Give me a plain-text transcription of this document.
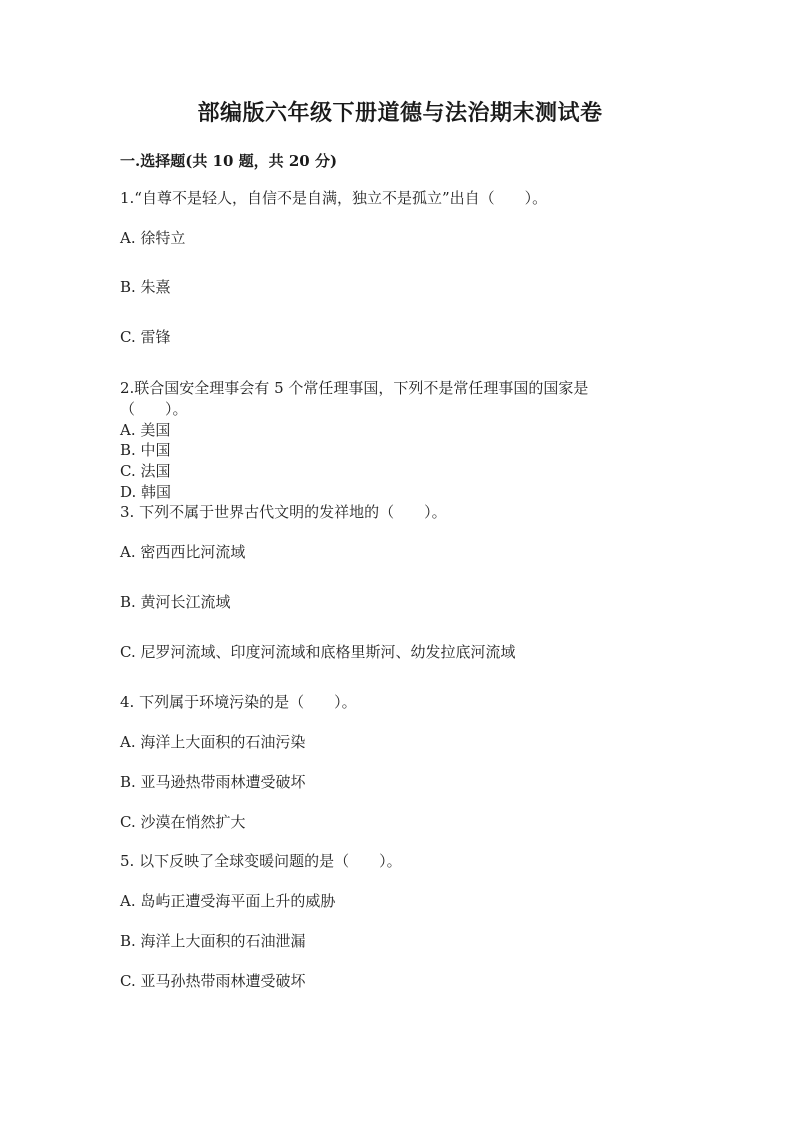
部编版六年级下册道德与法治期末测试卷
一.选择题(共 10 题，共 20 分)
1.“自尊不是轻人，自信不是自满，独立不是孤立”出自（　　）。
A. 徐特立
B. 朱熹
C. 雷锋
2.联合国安全理事会有 5 个常任理事国，下列不是常任理事国的国家是
（　　）。
A. 美国
B. 中国
C. 法国
D. 韩国
3. 下列不属于世界古代文明的发祥地的（　　）。
A. 密西西比河流域
B. 黄河长江流域
C. 尼罗河流域、印度河流域和底格里斯河、幼发拉底河流域
4. 下列属于环境污染的是（　　）。
A. 海洋上大面积的石油污染
B. 亚马逊热带雨林遭受破坏
C. 沙漠在悄然扩大
5. 以下反映了全球变暖问题的是（　　）。
A. 岛屿正遭受海平面上升的威胁
B. 海洋上大面积的石油泄漏
C. 亚马孙热带雨林遭受破坏
